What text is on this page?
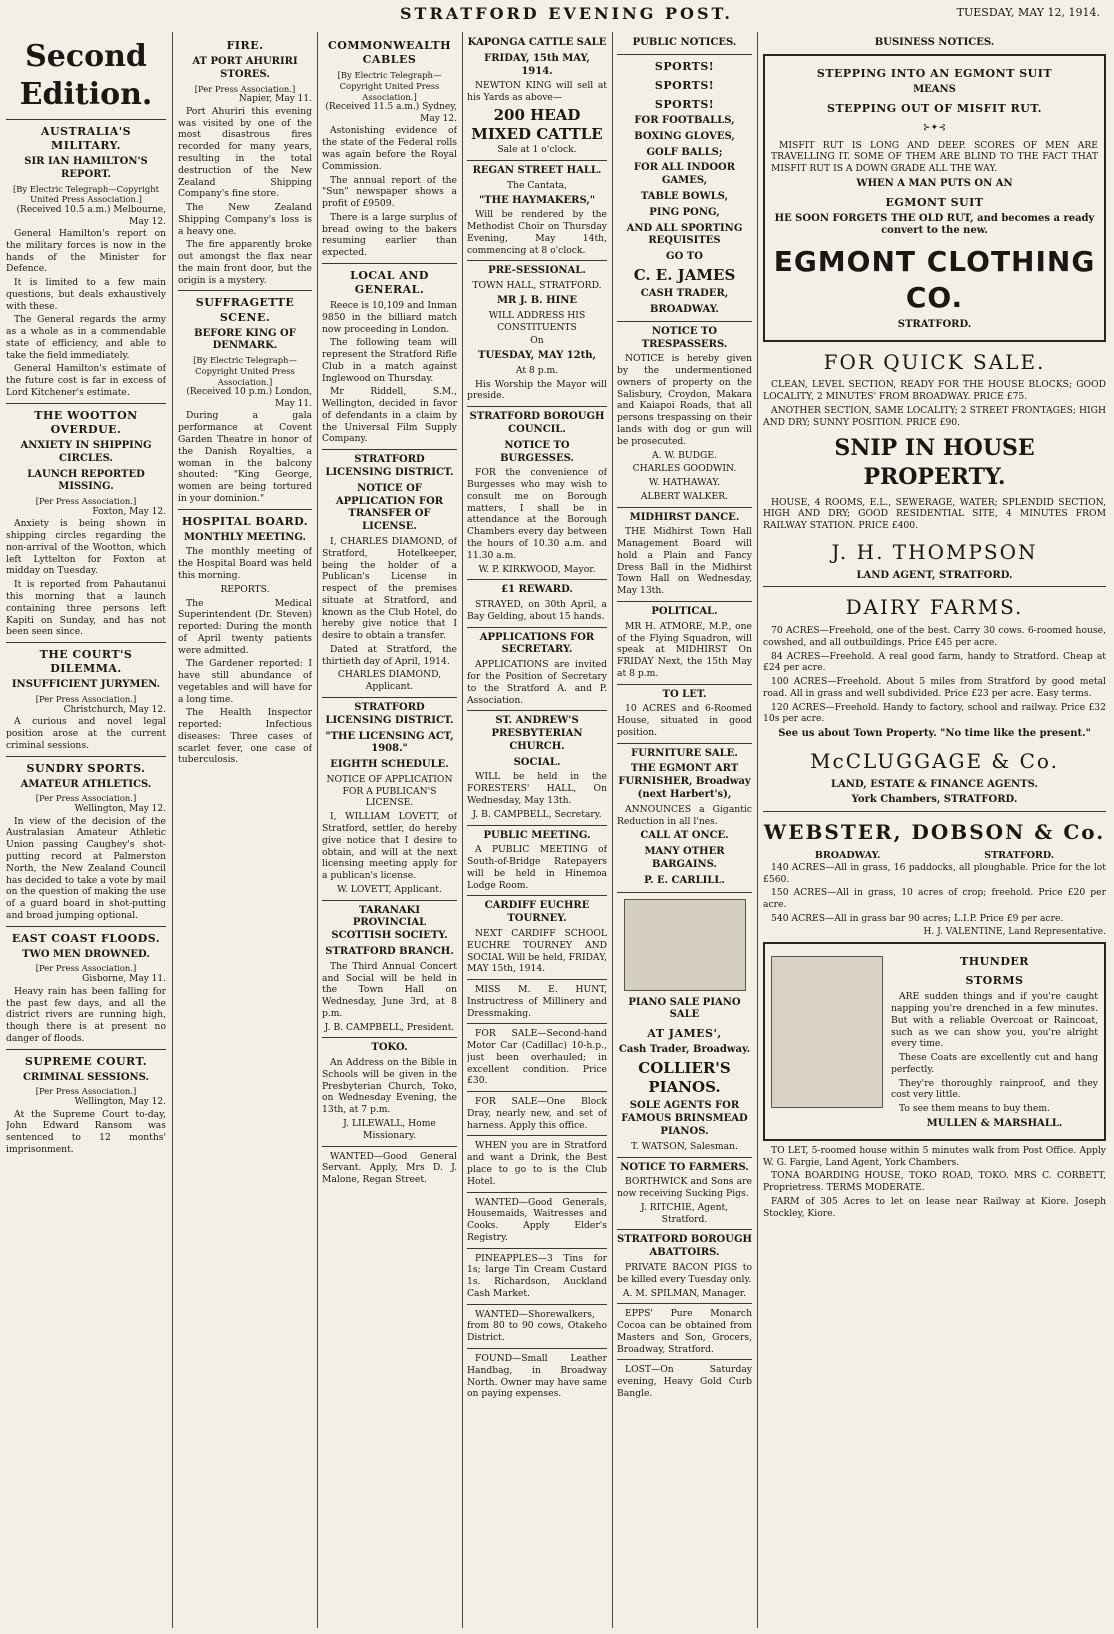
STRATFORD EVENING POST.	TUESDAY, MAY 12, 1914.
Second Edition.
AUSTRALIA'S MILITARY.
SIR IAN HAMILTON'S REPORT.
[By Electric Telegraph—Copyright United Press Association.]
(Received 10.5 a.m.) Melbourne, May 12.

General Hamilton's report on the military forces is now in the hands of the Minister for Defence.

It is limited to a few main questions, but deals exhaustively with these.

The General regards the army as a whole as in a commendable state of efficiency, and able to take the field immediately.

General Hamilton's estimate of the future cost is far in excess of Lord Kitchener's estimate.

THE WOOTTON OVERDUE.
ANXIETY IN SHIPPING CIRCLES.
LAUNCH REPORTED MISSING.
[Per Press Association.]
Foxton, May 12.

Anxiety is being shown in shipping circles regarding the non-arrival of the Wootton, which left Lyttelton for Foxton at midday on Tuesday.

It is reported from Pahautanui this morning that a launch containing three persons left Kapiti on Sunday, and has not been seen since.

THE COURT'S DILEMMA.
INSUFFICIENT JURYMEN.
[Per Press Association.]
Christchurch, May 12.

A curious and novel legal position arose at the current criminal sessions.

SUNDRY SPORTS.
AMATEUR ATHLETICS.
[Per Press Association.]
Wellington, May 12.

In view of the decision of the Australasian Amateur Athletic Union passing Caughey's shot-putting record at Palmerston North, the New Zealand Council has decided to take a vote by mail on the question of making the use of a guard board in shot-putting and broad jumping optional.

EAST COAST FLOODS.
TWO MEN DROWNED.
[Per Press Association.]
Gisborne, May 11.

Heavy rain has been falling for the past few days, and all the district rivers are running high, though there is at present no danger of floods.

SUPREME COURT.
CRIMINAL SESSIONS.
[Per Press Association.]
Wellington, May 12.

At the Supreme Court to-day, John Edward Ransom was sentenced to 12 months' imprisonment.

FIRE.
AT PORT AHURIRI STORES.
[Per Press Association.]
Napier, May 11.

Port Ahuriri this evening was visited by one of the most disastrous fires recorded for many years, resulting in the total destruction of the New Zealand Shipping Company's fine store.

The New Zealand Shipping Company's loss is a heavy one.

The fire apparently broke out amongst the flax near the main front door, but the origin is a mystery.

SUFFRAGETTE SCENE.
BEFORE KING OF DENMARK.
[By Electric Telegraph—Copyright United Press Association.]
(Received 10 p.m.) London, May 11.

During a gala performance at Covent Garden Theatre in honor of the Danish Royalties, a woman in the balcony shouted: "King George, women are being tortured in your dominion."

HOSPITAL BOARD.
MONTHLY MEETING.

The monthly meeting of the Hospital Board was held this morning.

REPORTS.

The Medical Superintendent (Dr. Steven) reported: During the month of April twenty patients were admitted.

The Gardener reported: I have still abundance of vegetables and will have for a long time.

The Health Inspector reported: Infectious diseases: Three cases of scarlet fever, one case of tuberculosis.

COMMONWEALTH CABLES
[By Electric Telegraph—Copyright United Press Association.]
(Received 11.5 a.m.) Sydney, May 12.

Astonishing evidence of the state of the Federal rolls was again before the Royal Commission.

The annual report of the "Sun" newspaper shows a profit of £9509.

There is a large surplus of bread owing to the bakers resuming earlier than expected.

LOCAL AND GENERAL.

Reece is 10,109 and Inman 9850 in the billiard match now proceeding in London.

The following team will represent the Stratford Rifle Club in a match against Inglewood on Thursday.

Mr Riddell, S.M., Wellington, decided in favor of defendants in a claim by the Universal Film Supply Company.

STRATFORD LICENSING DISTRICT.
NOTICE OF APPLICATION FOR TRANSFER OF LICENSE.

I, CHARLES DIAMOND, of Stratford, Hotelkeeper, being the holder of a Publican's License in respect of the premises situate at Stratford, and known as the Club Hotel, do hereby give notice that I desire to obtain a transfer.

Dated at Stratford, the thirtieth day of April, 1914.

CHARLES DIAMOND, Applicant.

STRATFORD LICENSING DISTRICT.
"THE LICENSING ACT, 1908."
EIGHTH SCHEDULE.

NOTICE OF APPLICATION FOR A PUBLICAN'S LICENSE.

I, WILLIAM LOVETT, of Stratford, settler, do hereby give notice that I desire to obtain, and will at the next licensing meeting apply for a publican's license.

W. LOVETT, Applicant.

TARANAKI PROVINCIAL SCOTTISH SOCIETY.
STRATFORD BRANCH.

The Third Annual Concert and Social will be held in the Town Hall on Wednesday, June 3rd, at 8 p.m.

J. B. CAMPBELL, President.

TOKO.

An Address on the Bible in Schools will be given in the Presbyterian Church, Toko, on Wednesday Evening, the 13th, at 7 p.m.

J. LILEWALL, Home Missionary.

WANTED—Good General Servant. Apply, Mrs D. J. Malone, Regan Street.

KAPONGA CATTLE SALE
FRIDAY, 15th MAY, 1914.

NEWTON KING will sell at his Yards as above—

200 HEAD MIXED CATTLE

Sale at 1 o'clock.

REGAN STREET HALL.

The Cantata,

"THE HAYMAKERS,"

Will be rendered by the Methodist Choir on Thursday Evening, May 14th, commencing at 8 o'clock.

PRE-SESSIONAL.

TOWN HALL, STRATFORD.

MR J. B. HINE

WILL ADDRESS HIS CONSTITUENTS

On

TUESDAY, MAY 12th,

At 8 p.m.

His Worship the Mayor will preside.

STRATFORD BOROUGH COUNCIL.
NOTICE TO BURGESSES.

FOR the convenience of Burgesses who may wish to consult me on Borough matters, I shall be in attendance at the Borough Chambers every day between the hours of 10.30 a.m. and 11.30 a.m.

W. P. KIRKWOOD, Mayor.

£1 REWARD.

STRAYED, on 30th April, a Bay Gelding, about 15 hands.

APPLICATIONS FOR SECRETARY.

APPLICATIONS are invited for the Position of Secretary to the Stratford A. and P. Association.

ST. ANDREW'S PRESBYTERIAN CHURCH.
SOCIAL.

WILL be held in the FORESTERS' HALL, On Wednesday, May 13th.

J. B. CAMPBELL, Secretary.

PUBLIC MEETING.

A PUBLIC MEETING of South-of-Bridge Ratepayers will be held in Hinemoa Lodge Room.

CARDIFF EUCHRE TOURNEY.

NEXT CARDIFF SCHOOL EUCHRE TOURNEY AND SOCIAL Will be held, FRIDAY, MAY 15th, 1914.

MISS M. E. HUNT, Instructress of Millinery and Dressmaking.

FOR SALE—Second-hand Motor Car (Cadillac) 10-h.p., just been overhauled; in excellent condition. Price £30.

FOR SALE—One Block Dray, nearly new, and set of harness. Apply this office.

WHEN you are in Stratford and want a Drink, the Best place to go to is the Club Hotel.

WANTED—Good Generals, Housemaids, Waitresses and Cooks. Apply Elder's Registry.

PINEAPPLES—3 Tins for 1s; large Tin Cream Custard 1s. Richardson, Auckland Cash Market.

WANTED—Shorewalkers, from 80 to 90 cows, Otakeho District.

FOUND—Small Leather Handbag, in Broadway North. Owner may have same on paying expenses.

PUBLIC NOTICES.
SPORTS!
SPORTS!
SPORTS!
FOR FOOTBALLS,
BOXING GLOVES,
GOLF BALLS;
FOR ALL INDOOR GAMES,
TABLE BOWLS,
PING PONG,
AND ALL SPORTING REQUISITES
GO TO
C. E. JAMES
CASH TRADER,
BROADWAY.
NOTICE TO TRESPASSERS.

NOTICE is hereby given by the undermentioned owners of property on the Salisbury, Croydon, Makara and Kaiapoi Roads, that all persons trespassing on their lands with dog or gun will be prosecuted.

A. W. BUDGE.

CHARLES GOODWIN.

W. HATHAWAY.

ALBERT WALKER.

MIDHIRST DANCE.

THE Midhirst Town Hall Management Board will hold a Plain and Fancy Dress Ball in the Midhirst Town Hall on Wednesday, May 13th.

POLITICAL.

MR H. ATMORE, M.P., one of the Flying Squadron, will speak at MIDHIRST On FRIDAY Next, the 15th May at 8 p.m.

TO LET.

10 ACRES and 6-Roomed House, situated in good position.

FURNITURE SALE.
THE EGMONT ART FURNISHER, Broadway (next Harbert's),

ANNOUNCES a Gigantic Reduction in all l'nes.

CALL AT ONCE.
MANY OTHER BARGAINS.
P. E. CARLILL.
PIANO SALE PIANO SALE
AT JAMES',
Cash Trader, Broadway.
COLLIER'S PIANOS.
SOLE AGENTS FOR FAMOUS BRINSMEAD PIANOS.

T. WATSON, Salesman.

NOTICE TO FARMERS.

BORTHWICK and Sons are now receiving Sucking Pigs.

J. RITCHIE, Agent, Stratford.

STRATFORD BOROUGH ABATTOIRS.

PRIVATE BACON PIGS to be killed every Tuesday only.

A. M. SPILMAN, Manager.

EPPS' Pure Monarch Cocoa can be obtained from Masters and Son, Grocers, Broadway, Stratford.

LOST—On Saturday evening, Heavy Gold Curb Bangle.

BUSINESS NOTICES.
STEPPING INTO AN EGMONT SUIT
MEANS
STEPPING OUT OF MISFIT RUT.
⊱✦⊰

MISFIT RUT IS LONG AND DEEP. SCORES OF MEN ARE TRAVELLING IT. SOME OF THEM ARE BLIND TO THE FACT THAT MISFIT RUT IS A DOWN GRADE ALL THE WAY.

WHEN A MAN PUTS ON AN
EGMONT SUIT
HE SOON FORGETS THE OLD RUT, and becomes a ready convert to the new.
EGMONT CLOTHING CO.
STRATFORD.
FOR QUICK SALE.

CLEAN, LEVEL SECTION, READY FOR THE HOUSE BLOCKS; GOOD LOCALITY, 2 MINUTES' FROM BROADWAY. PRICE £75.

ANOTHER SECTION, SAME LOCALITY; 2 STREET FRONTAGES; HIGH AND DRY; SUNNY POSITION. PRICE £90.

SNIP IN HOUSE PROPERTY.

HOUSE, 4 ROOMS, E.L., SEWERAGE, WATER; SPLENDID SECTION, HIGH AND DRY; GOOD RESIDENTIAL SITE, 4 MINUTES FROM RAILWAY STATION. PRICE £400.

J. H. THOMPSON
LAND AGENT, STRATFORD.
DAIRY FARMS.

70 ACRES—Freehold, one of the best. Carry 30 cows. 6-roomed house, cowshed, and all outbuildings. Price £45 per acre.

84 ACRES—Freehold. A real good farm, handy to Stratford. Cheap at £24 per acre.

100 ACRES—Freehold. About 5 miles from Stratford by good metal road. All in grass and well subdivided. Price £23 per acre. Easy terms.

120 ACRES—Freehold. Handy to factory, school and railway. Price £32 10s per acre.

See us about Town Property. "No time like the present."
McCLUGGAGE & Co.
LAND, ESTATE & FINANCE AGENTS.
York Chambers, STRATFORD.
WEBSTER, DOBSON & Co.
BROADWAY.	STRATFORD.

140 ACRES—All in grass, 16 paddocks, all ploughable. Price for the lot £560.

150 ACRES—All in grass, 10 acres of crop; freehold. Price £20 per acre.

540 ACRES—All in grass bar 90 acres; L.I.P. Price £9 per acre.

H. J. VALENTINE, Land Representative.
THUNDER
STORMS

ARE sudden things and if you're caught napping you're drenched in a few minutes. But with a reliable Overcoat or Raincoat, such as we can show you, you're alright every time.

These Coats are excellently cut and hang perfectly.

They're thoroughly rainproof, and they cost very little.

To see them means to buy them.

MULLEN & MARSHALL.

TO LET, 5-roomed house within 5 minutes walk from Post Office. Apply W. G. Fargie, Land Agent, York Chambers.

TONA BOARDING HOUSE, TOKO ROAD, TOKO. MRS C. CORBETT, Proprietress. TERMS MODERATE.

FARM of 305 Acres to let on lease near Railway at Kiore. Joseph Stockley, Kiore.
